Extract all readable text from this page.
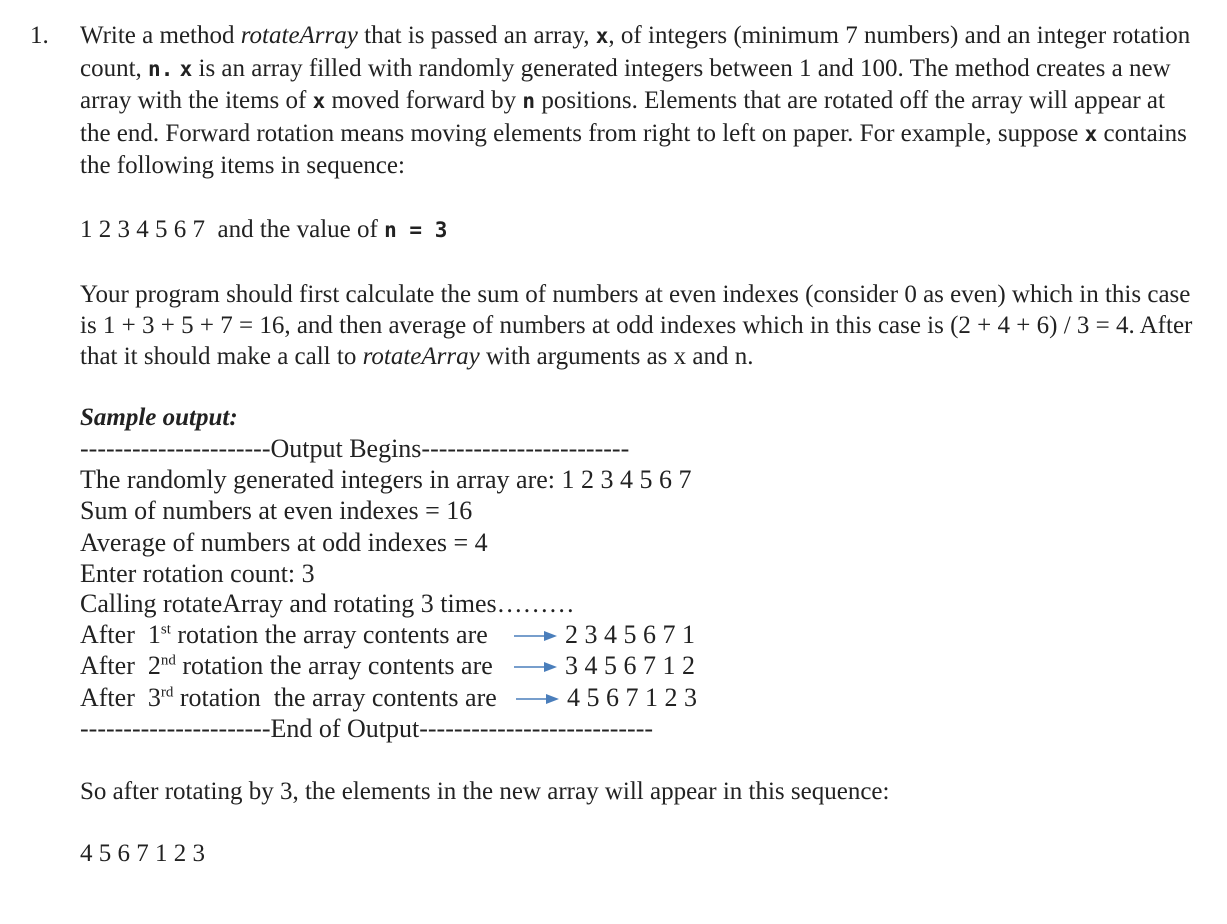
1. Write a method rotateArray that is passed an array, x, of integers (minimum 7 numbers) and an integer rotation count, n. x is an array filled with randomly generated integers between 1 and 100. The method creates a new array with the items of x moved forward by n positions. Elements that are rotated off the array will appear at the end. Forward rotation means moving elements from right to left on paper. For example, suppose x contains the following items in sequence:
1 2 3 4 5 6 7  and the value of n = 3
Your program should first calculate the sum of numbers at even indexes (consider 0 as even) which in this case is 1 + 3 + 5 + 7 = 16, and then average of numbers at odd indexes which in this case is (2 + 4 + 6) / 3 = 4. After that it should make a call to rotateArray with arguments as x and n.
Sample output:
----------------------Output Begins------------------------
The randomly generated integers in array are: 1 2 3 4 5 6 7
Sum of numbers at even indexes = 16
Average of numbers at odd indexes = 4
Enter rotation count: 3
Calling rotateArray and rotating 3 times………
After  1st rotation the array contents are	2 3 4 5 6 7 1
After  2nd rotation the array contents are	3 4 5 6 7 1 2
After  3rd rotation  the array contents are	4 5 6 7 1 2 3
----------------------End of Output---------------------------
So after rotating by 3, the elements in the new array will appear in this sequence:
4 5 6 7 1 2 3
